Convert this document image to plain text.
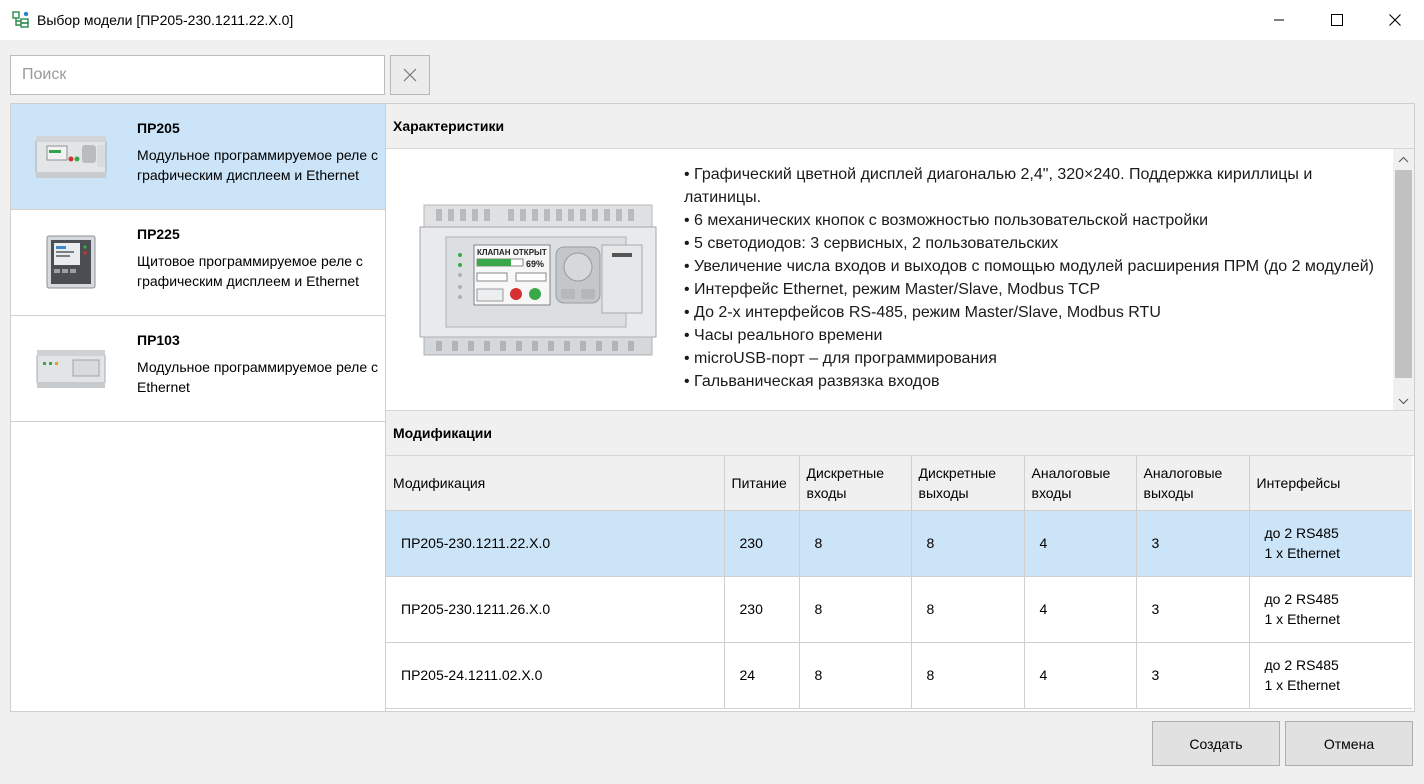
Выбор модели [ПР205-230.1211.22.X.0]
Поиск
ПР205
Модульное программируемое реле с графическим дисплеем и Ethernet
ПР225
Щитовое программируемое реле с графическим дисплеем и Ethernet
ПР103
Модульное программируемое реле с Ethernet
Характеристики
КЛАПАН ОТКРЫТ
69%
• Графический цветной дисплей диагональю 2,4", 320×240. Поддержка кириллицы и латиницы.
• 6 механических кнопок с возможностью пользовательской настройки
• 5 светодиодов: 3 сервисных, 2 пользовательских
• Увеличение числа входов и выходов с помощью модулей расширения ПРМ (до 2 модулей)
• Интерфейс Ethernet, режим Master/Slave, Modbus TCP
• До 2-х интерфейсов RS-485, режим Master/Slave, Modbus RTU
• Часы реального времени
• microUSB-порт – для программирования
• Гальваническая развязка входов
Модификации
Модификация	Питание	Дискретные входы	Дискретные выходы	Аналоговые входы	Аналоговые выходы	Интерфейсы
ПР205-230.1211.22.X.0	230	8	8	4	3	до 2 RS485
1 x Ethernet

ПР205-230.1211.26.X.0	230	8	8	4	3	до 2 RS485
1 x Ethernet

ПР205-24.1211.02.X.0	24	8	8	4	3	до 2 RS485
1 x Ethernet
Создать	Отмена
